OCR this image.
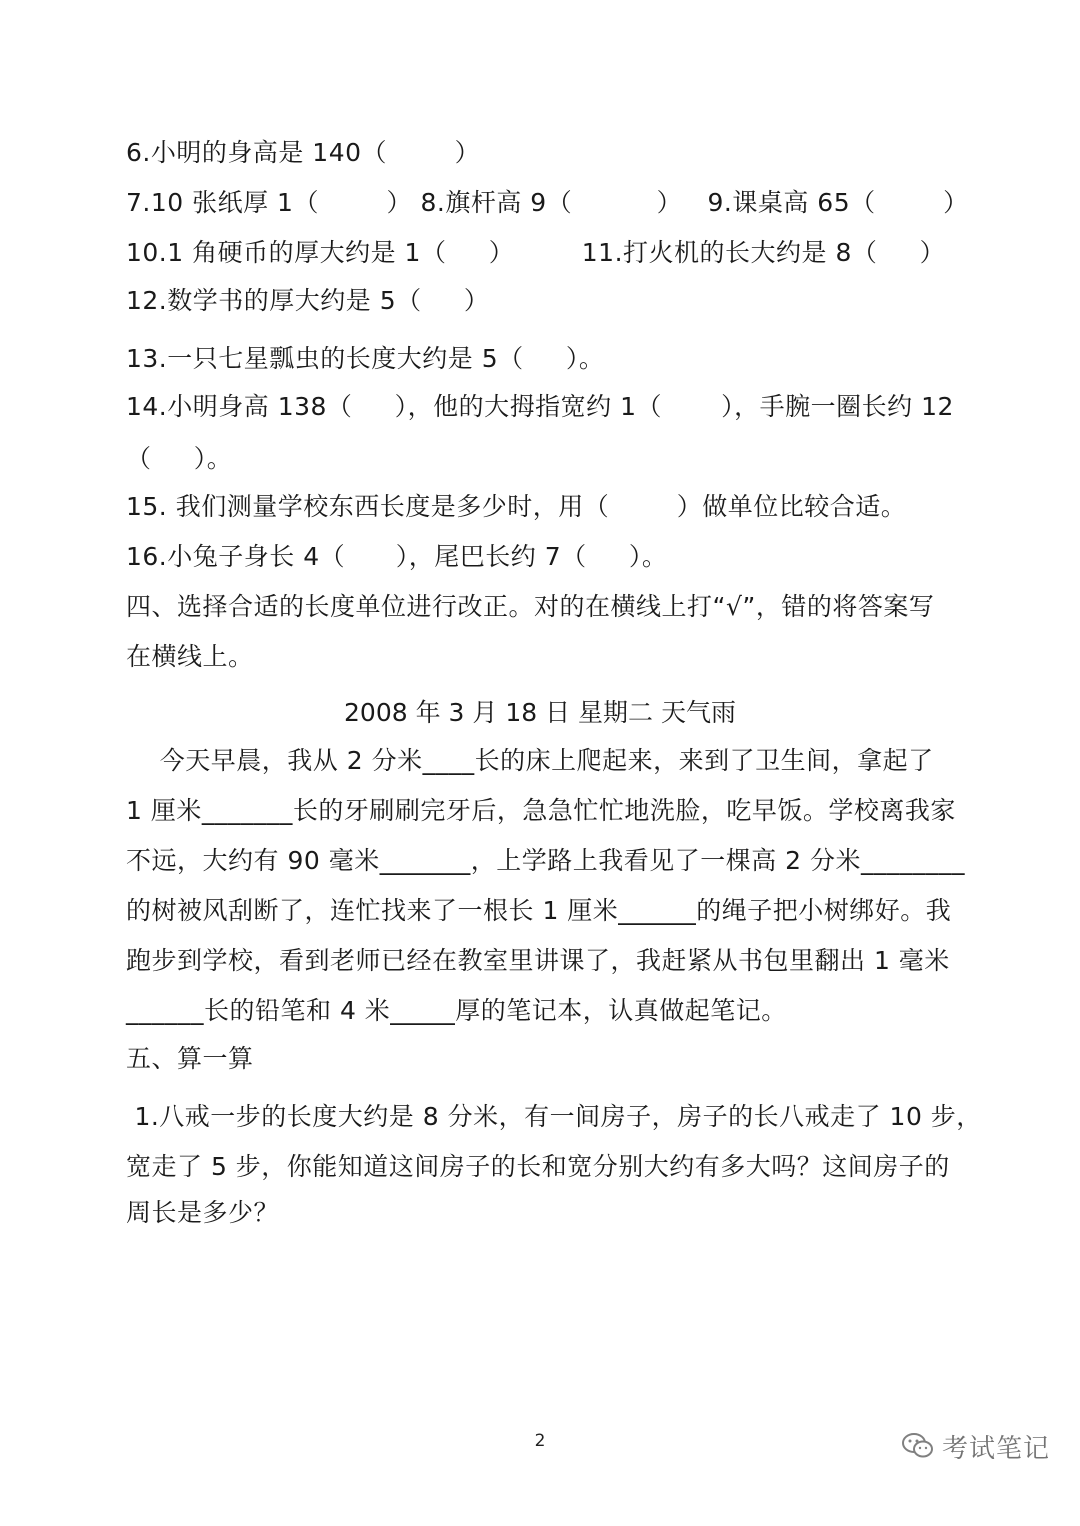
6.小明的身高是 140（        ）
7.10 张纸厚 1（        ） 8.旗杆高 9（          ）   9.课桌高 65（        ）
10.1 角硬币的厚大约是 1（     ）        11.打火机的长大约是 8（     ）
12.数学书的厚大约是 5（     ）
13.一只七星瓢虫的长度大约是 5（     ）。
14.小明身高 138（     ），他的大拇指宽约 1（       ），手腕一圈长约 12
（     ）。
15. 我们测量学校东西长度是多少时，用（        ）做单位比较合适。
16.小兔子身长 4（      ），尾巴长约 7（     ）。
四、选择合适的长度单位进行改正。对的在横线上打“√”，错的将答案写
在横线上。
2008 年 3 月 18 日 星期二 天气雨
今天早晨，我从 2 分米____长的床上爬起来，来到了卫生间，拿起了
1 厘米_______长的牙刷刷完牙后，急急忙忙地洗脸，吃早饭。学校离我家
不远，大约有 90 毫米_______，上学路上我看见了一棵高 2 分米________
的树被风刮断了，连忙找来了一根长 1 厘米______的绳子把小树绑好。我
跑步到学校，看到老师已经在教室里讲课了，我赶紧从书包里翻出 1 毫米
______长的铅笔和 4 米_____厚的笔记本，认真做起笔记。
五、算一算
1.八戒一步的长度大约是 8 分米，有一间房子，房子的长八戒走了 10 步，
宽走了 5 步，你能知道这间房子的长和宽分别大约有多大吗？这间房子的
周长是多少？
2	考试笔记
